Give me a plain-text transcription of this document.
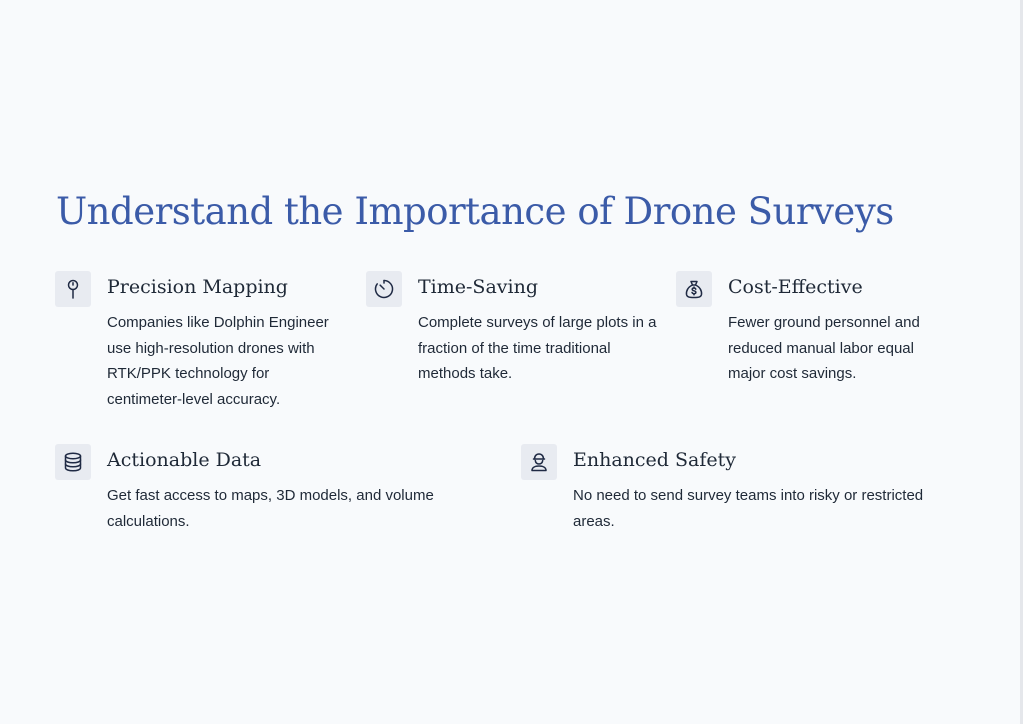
Understand the Importance of Drone Surveys
Precision Mapping

Companies like Dolphin Engineer use high-resolution drones with RTK/PPK technology for centimeter-level accuracy.

Time-Saving

Complete surveys of large plots in a fraction of the time traditional methods take.

Cost-Effective

Fewer ground personnel and reduced manual labor equal major cost savings.

Actionable Data

Get fast access to maps, 3D models, and volume calculations.

Enhanced Safety

No need to send survey teams into risky or restricted areas.
